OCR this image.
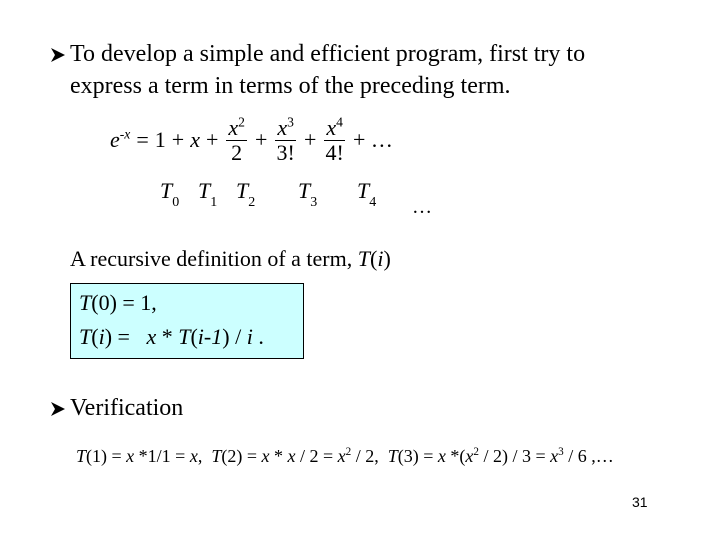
To develop a simple and efficient program, first try to
express a term in terms of the preceding term.
$e^{-x} = 1 + x + \frac{x^2}{2} + \frac{x^3}{3!} + \frac{x^4}{4!}$ + …
$T_0$ $T_1$ $T_2$ $T_3$ $T_4$ …
A recursive definition of a term, T(i)
T(0) = 1,
T(i) =   x * T(i-1) / i .
Verification
T(1) = x *1/1 = x,  $T(2) = x * x / 2 = x^2 / 2$,  T(3) = x $*(x^2 / 2) / 3 = x^3 / 6$ ,…
31
